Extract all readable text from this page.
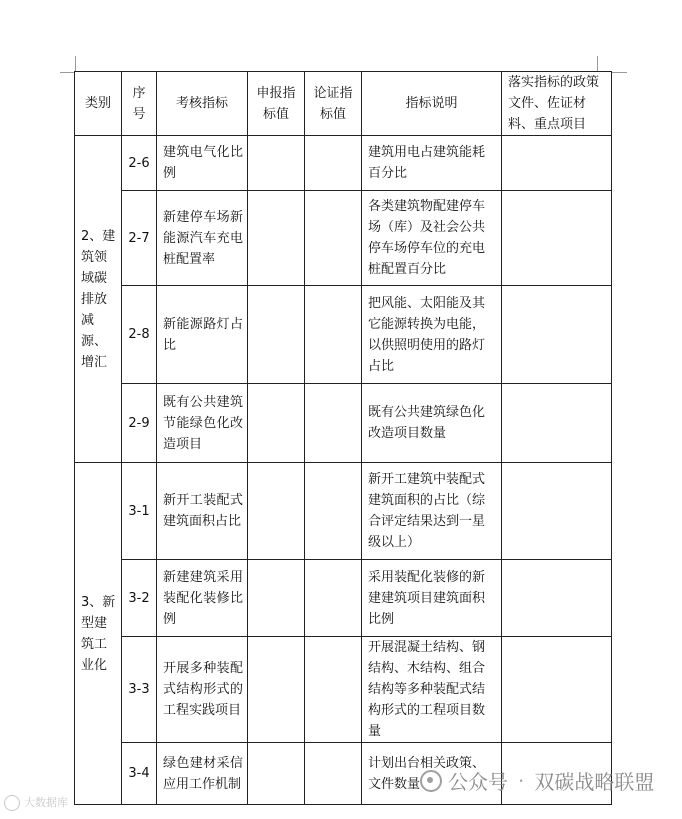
类别	序号	考核指标	申报指标值	论证指标值	指标说明	落实指标的政策文件、佐证材料、重点项目
2、建筑领域碳排放减源、增汇	2-6	建筑电气化比例			建筑用电占建筑能耗百分比	
	2-7	新建停车场新能源汽车充电桩配置率			各类建筑物配建停车场（库）及社会公共停车场停车位的充电桩配置百分比	
	2-8	新能源路灯占比			把风能、太阳能及其它能源转换为电能，以供照明使用的路灯占比	
	2-9	既有公共建筑节能绿色化改造项目			既有公共建筑绿色化改造项目数量	
3、新型建筑工业化	3-1	新开工装配式建筑面积占比			新开工建筑中装配式建筑面积的占比（综合评定结果达到一星级以上）	
	3-2	新建建筑采用装配化装修比例			采用装配化装修的新建建筑项目建筑面积比例	
	3-3	开展多种装配式结构形式的工程实践项目			开展混凝土结构、钢结构、木结构、组合结构等多种装配式结构形式的工程项目数量	
	3-4	绿色建材采信应用工作机制			计划出台相关政策、文件数量	
大数据库
公众号 · 双碳战略联盟
